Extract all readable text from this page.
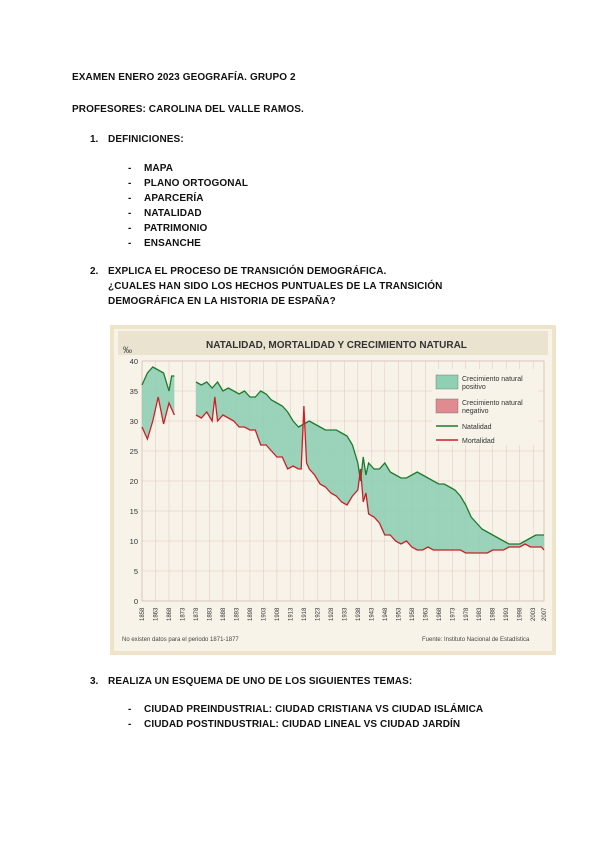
EXAMEN ENERO 2023 GEOGRAFÍA. GRUPO 2
PROFESORES: CAROLINA DEL VALLE RAMOS.
1. DEFINICIONES:
- MAPA
- PLANO ORTOGONAL
- APARCERÍA
- NATALIDAD
- PATRIMONIO
- ENSANCHE
2. EXPLICA EL PROCESO DE TRANSICIÓN DEMOGRÁFICA.
¿CUALES HAN SIDO LOS HECHOS PUNTUALES DE LA TRANSICIÓN
DEMOGRÁFICA EN LA HISTORIA DE ESPAÑA?
NATALIDAD, MORTALIDAD Y CRECIMIENTO NATURAL
‰
40
35
30
25
20
15
10
5
0
1858 1863 1868 1873 1878 1883 1888 1893 1898 1903 1908 1913 1918 1923 1928 1933 1938 1943 1948 1953 1958 1963 1968 1973 1978 1983 1988 1993 1998 2003 2007
Crecimiento natural positivo
Crecimiento natural negativo
Natalidad
Mortalidad
No existen datos para el periodo 1871-1877	Fuente: Instituto Nacional de Estadística
3. REALIZA UN ESQUEMA DE UNO DE LOS SIGUIENTES TEMAS:
- CIUDAD PREINDUSTRIAL: CIUDAD CRISTIANA VS CIUDAD ISLÁMICA
- CIUDAD POSTINDUSTRIAL: CIUDAD LINEAL VS CIUDAD JARDÍN
